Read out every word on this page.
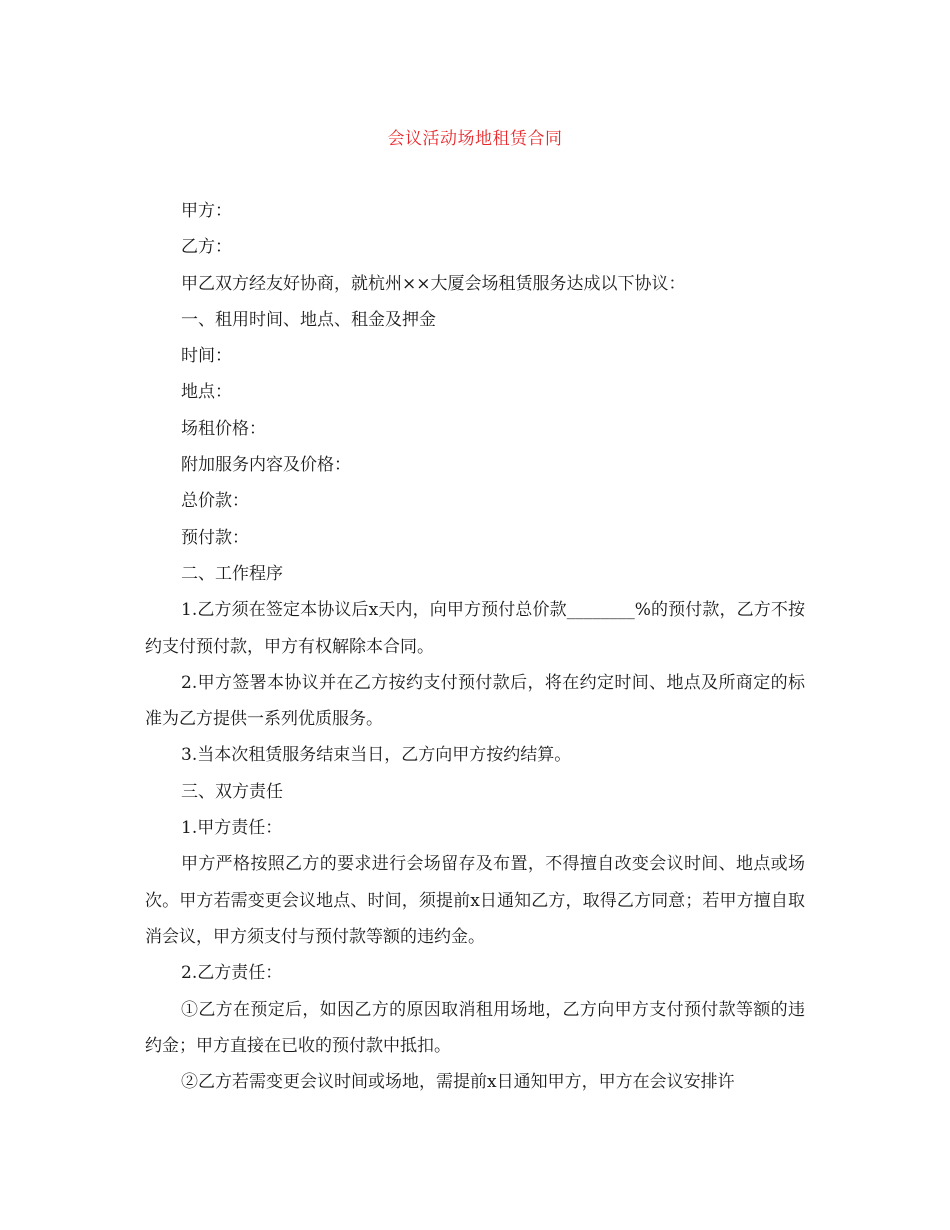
会议活动场地租赁合同

甲方：

乙方：

甲乙双方经友好协商，就杭州××大厦会场租赁服务达成以下协议：

一、租用时间、地点、租金及押金

时间：

地点：

场租价格：

附加服务内容及价格：

总价款：

预付款：

二、工作程序

1.乙方须在签定本协议后x天内，向甲方预付总价款________%的预付款，乙方不按约支付预付款，甲方有权解除本合同。

2.甲方签署本协议并在乙方按约支付预付款后，将在约定时间、地点及所商定的标准为乙方提供一系列优质服务。

3.当本次租赁服务结束当日，乙方向甲方按约结算。

三、双方责任

1.甲方责任：

甲方严格按照乙方的要求进行会场留存及布置，不得擅自改变会议时间、地点或场次。甲方若需变更会议地点、时间，须提前x日通知乙方，取得乙方同意；若甲方擅自取消会议，甲方须支付与预付款等额的违约金。

2.乙方责任：

①乙方在预定后，如因乙方的原因取消租用场地，乙方向甲方支付预付款等额的违约金；甲方直接在已收的预付款中抵扣。

②乙方若需变更会议时间或场地，需提前x日通知甲方，甲方在会议安排许
